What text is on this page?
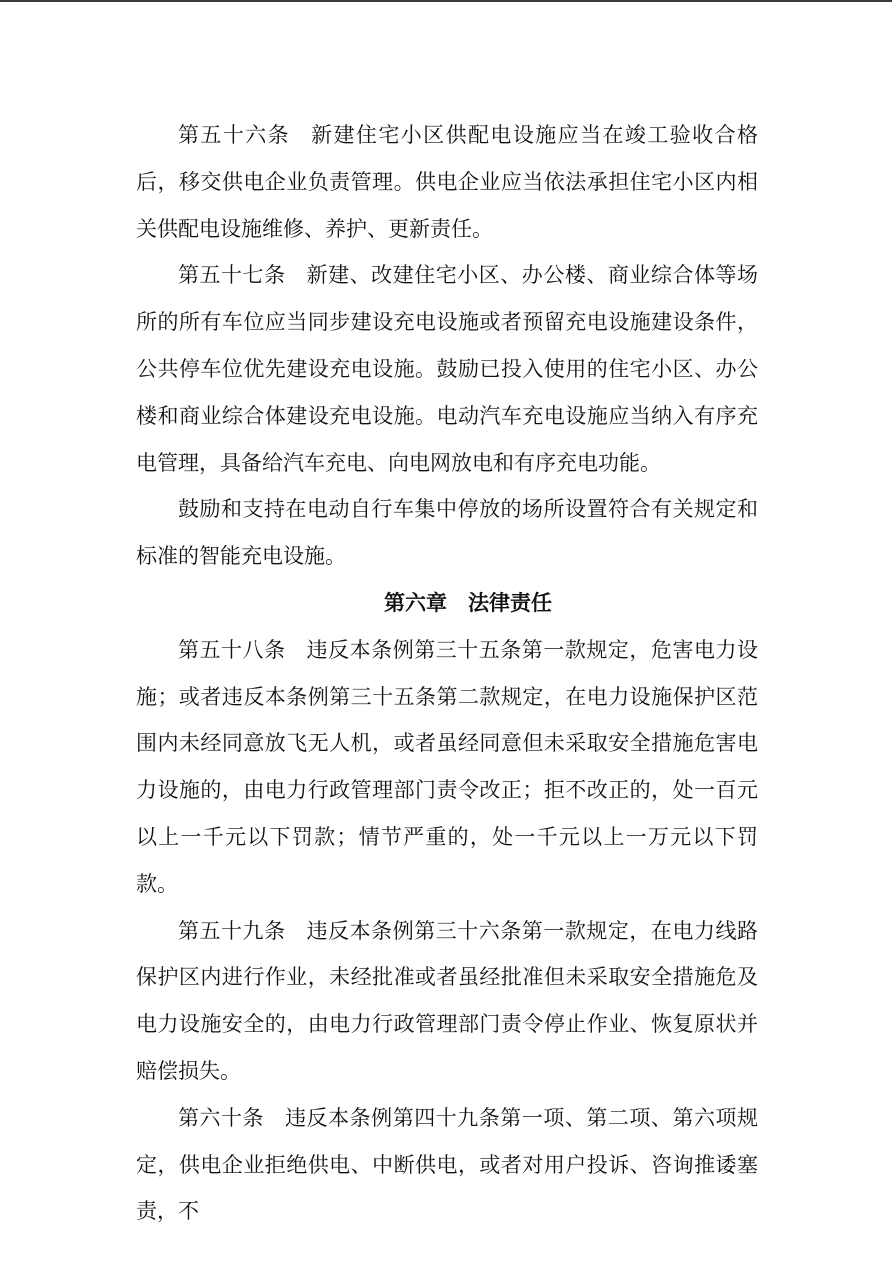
第五十六条 新建住宅小区供配电设施应当在竣工验收合格后，移交供电企业负责管理。供电企业应当依法承担住宅小区内相关供配电设施维修、养护、更新责任。

第五十七条 新建、改建住宅小区、办公楼、商业综合体等场所的所有车位应当同步建设充电设施或者预留充电设施建设条件，公共停车位优先建设充电设施。鼓励已投入使用的住宅小区、办公楼和商业综合体建设充电设施。电动汽车充电设施应当纳入有序充电管理，具备给汽车充电、向电网放电和有序充电功能。

鼓励和支持在电动自行车集中停放的场所设置符合有关规定和标准的智能充电设施。

第六章　法律责任

第五十八条 违反本条例第三十五条第一款规定，危害电力设施；或者违反本条例第三十五条第二款规定，在电力设施保护区范围内未经同意放飞无人机，或者虽经同意但未采取安全措施危害电力设施的，由电力行政管理部门责令改正；拒不改正的，处一百元以上一千元以下罚款；情节严重的，处一千元以上一万元以下罚款。

第五十九条 违反本条例第三十六条第一款规定，在电力线路保护区内进行作业，未经批准或者虽经批准但未采取安全措施危及电力设施安全的，由电力行政管理部门责令停止作业、恢复原状并赔偿损失。

第六十条 违反本条例第四十九条第一项、第二项、第六项规定，供电企业拒绝供电、中断供电，或者对用户投诉、咨询推诿塞责，不
